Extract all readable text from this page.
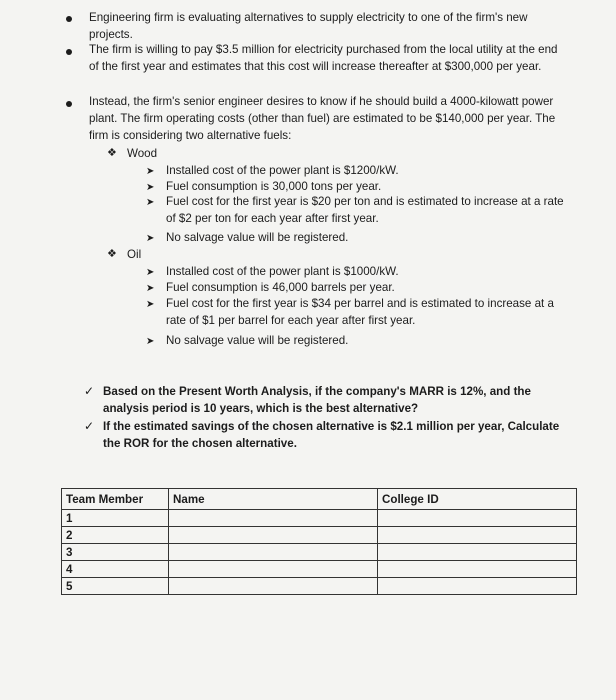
Engineering firm is evaluating alternatives to supply electricity to one of the firm's new projects.

The firm is willing to pay $3.5 million for electricity purchased from the local utility at the end of the first year and estimates that this cost will increase thereafter at $300,000 per year.

Instead, the firm's senior engineer desires to know if he should build a 4000-kilowatt power plant. The firm operating costs (other than fuel) are estimated to be $140,000 per year. The firm is considering two alternative fuels:

❖ Wood
➤ Installed cost of the power plant is $1200/kW.

➤ Fuel consumption is 30,000 tons per year.

➤ Fuel cost for the first year is $20 per ton and is estimated to increase at a rate of $2 per ton for each year after first year.

➤ No salvage value will be registered.

❖ Oil
➤ Installed cost of the power plant is $1000/kW.

➤ Fuel consumption is 46,000 barrels per year.

➤ Fuel cost for the first year is $34 per barrel and is estimated to increase at a rate of $1 per barrel for each year after first year.

➤ No salvage value will be registered.

✓ Based on the Present Worth Analysis, if the company's MARR is 12%, and the analysis period is 10 years, which is the best alternative?

✓ If the estimated savings of the chosen alternative is $2.1 million per year, Calculate the ROR for the chosen alternative.

Team Member	Name	College ID
1		
2		
3		
4		
5		
